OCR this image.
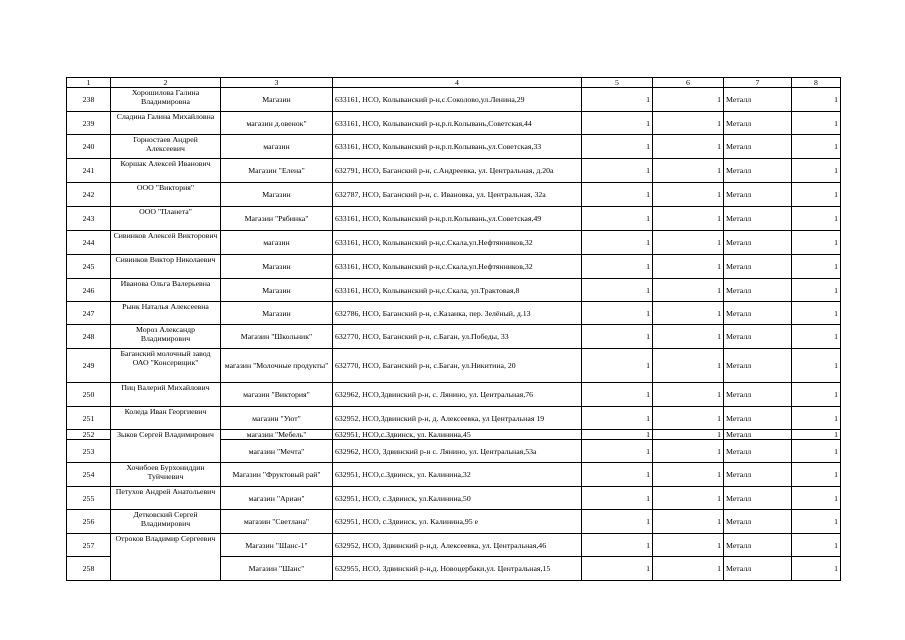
1	2	3	4	5	6	7	8
238	Хорошилова Галина Владимировна	Магазин	633161, НСО, Колыванский р-н,с.Соколово,ул.Ленина,29	1	1	Металл	1
239	Сладина Галина Михайловна	магазин д.овенок"	633161, НСО, Колыванский р-н,р.п.Колывань,Советская,44	1	1	Металл	1
240	Горностаев Андрей Алексеевич	магазин	633161, НСО, Колыванский р-н,р.п.Колывань,ул.Советская,33	1	1	Металл	1
241	Коршак Алексей Иванович	Магазин "Елена"	632791, НСО, Баганский р-н, с.Андреевка, ул. Центральная, д.20а	1	1	Металл	1
242	ООО "Виктория"	Магазин	632787, НСО, Баганский р-н, с. Ивановка, ул. Центральная, 32а	1	1	Металл	1
243	ООО "Планета"	Магазин "Рябинка"	633161, НСО, Колыванский р-н,р.п.Колывань,ул.Советская,49	1	1	Металл	1
244	Сивинков Алексей Викторович	магазин	633161, НСО, Колыванский р-н,с.Скала,ул.Нефтянников,32	1	1	Металл	1
245	Сивинков Виктор Николаевич	Магазин	633161, НСО, Колыванский р-н,с.Скала,ул.Нефтянников,32	1	1	Металл	1
246	Иванова Ольга Валерьевна	Магазин	633161, НСО, Колыванский р-н,с.Скала, ул.Трактовая,8	1	1	Металл	1
247	Рынк Наталья Алексеевна	Магазин	632786, НСО, Баганский р-н, с.Казанка, пер. Зелёный, д.13	1	1	Металл	1
248	Мороз Александр Владимирович	Магазин "Школьник"	632770, НСО, Баганский р-н, с.Баган, ул.Победы, 33	1	1	Металл	1
249	Баганский молочный завод ОАО "Консервщик"	магазин "Молочные продукты"	632770, НСО, Баганский р-н, с.Баган, ул.Никитина, 20	1	1	Металл	1
250	Пиц Валерий Михайлович	магазин "Виктория"	632962, НСО,Здвинский р-н, с. Лянино, ул. Центральная,76	1	1	Металл	1
251	Коледа Иван Георгиевич	магазин "Уют"	632952, НСО,Здвинский р-н, д. Алексеевка, ул Центральная 19	1	1	Металл	1
252	Зыков Сергей Владимирович	магазин "Мебель"	632951, НСО,с.Здвинск, ул. Калинина,45	1	1	Металл	1
253		магазин "Мечта"	632962, НСО, Здвинский р-н с. Лянино, ул. Центральная,53а	1	1	Металл	1
254	Хочибоев Бурхониддин Туйчиевич	Магазин "Фруктовый рай"	632951, НСО,с.Здвинск, ул. Калинина,32	1	1	Металл	1
255	Петухов Андрей Анатольевич	магазин "Ариан"	632951, НСО, с.Здвинск, ул.Калинина,50	1	1	Металл	1
256	Детковский Сергей Владимирович	магазин "Светлана"	632951, НСО, с.Здвинск, ул. Калинина,95 е	1	1	Металл	1
257	Отроков Владимир Сергеевич	Магазин "Шанс-1"	632952, НСО, Здвинский р-н,д. Алексеевка, ул. Центральная,46	1	1	Металл	1
258		Магазин "Шанс"	632955, НСО, Здвинский р-н,д. Новоцербаки,ул. Центральная,15	1	1	Металл	1
